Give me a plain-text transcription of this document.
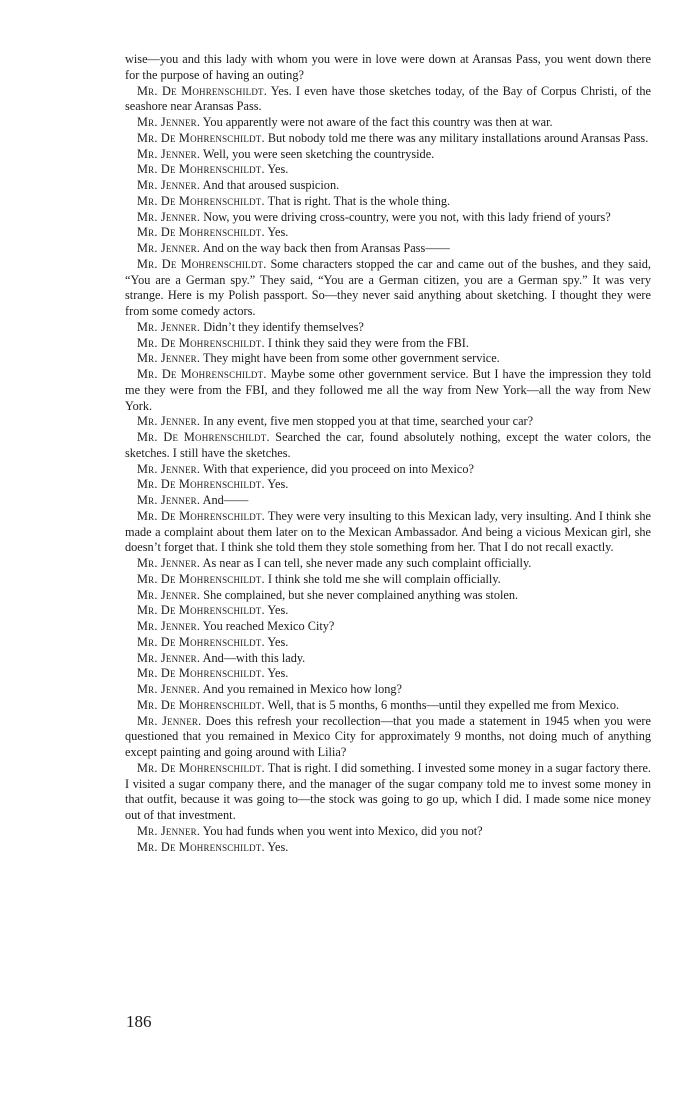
wise—you and this lady with whom you were in love were down at Aransas Pass, you went down there for the purpose of having an outing?

Mr. De Mohrenschildt. Yes. I even have those sketches today, of the Bay of Corpus Christi, of the seashore near Aransas Pass.

Mr. Jenner. You apparently were not aware of the fact this country was then at war.

Mr. De Mohrenschildt. But nobody told me there was any military installations around Aransas Pass.

Mr. Jenner. Well, you were seen sketching the countryside.

Mr. De Mohrenschildt. Yes.

Mr. Jenner. And that aroused suspicion.

Mr. De Mohrenschildt. That is right. That is the whole thing.

Mr. Jenner. Now, you were driving cross-country, were you not, with this lady friend of yours?

Mr. De Mohrenschildt. Yes.

Mr. Jenner. And on the way back then from Aransas Pass——

Mr. De Mohrenschildt. Some characters stopped the car and came out of the bushes, and they said, “You are a German spy.” They said, “You are a German citizen, you are a German spy.” It was very strange. Here is my Polish passport. So—they never said anything about sketching. I thought they were from some comedy actors.

Mr. Jenner. Didn’t they identify themselves?

Mr. De Mohrenschildt. I think they said they were from the FBI.

Mr. Jenner. They might have been from some other government service.

Mr. De Mohrenschildt. Maybe some other government service. But I have the impression they told me they were from the FBI, and they followed me all the way from New York—all the way from New York.

Mr. Jenner. In any event, five men stopped you at that time, searched your car?

Mr. De Mohrenschildt. Searched the car, found absolutely nothing, except the water colors, the sketches. I still have the sketches.

Mr. Jenner. With that experience, did you proceed on into Mexico?

Mr. De Mohrenschildt. Yes.

Mr. Jenner. And——

Mr. De Mohrenschildt. They were very insulting to this Mexican lady, very insulting. And I think she made a complaint about them later on to the Mexican Ambassador. And being a vicious Mexican girl, she doesn’t forget that. I think she told them they stole something from her. That I do not recall exactly.

Mr. Jenner. As near as I can tell, she never made any such complaint officially.

Mr. De Mohrenschildt. I think she told me she will complain officially.

Mr. Jenner. She complained, but she never complained anything was stolen.

Mr. De Mohrenschildt. Yes.

Mr. Jenner. You reached Mexico City?

Mr. De Mohrenschildt. Yes.

Mr. Jenner. And—with this lady.

Mr. De Mohrenschildt. Yes.

Mr. Jenner. And you remained in Mexico how long?

Mr. De Mohrenschildt. Well, that is 5 months, 6 months—until they expelled me from Mexico.

Mr. Jenner. Does this refresh your recollection—that you made a statement in 1945 when you were questioned that you remained in Mexico City for approximately 9 months, not doing much of anything except painting and going around with Lilia?

Mr. De Mohrenschildt. That is right. I did something. I invested some money in a sugar factory there. I visited a sugar company there, and the manager of the sugar company told me to invest some money in that outfit, because it was going to—the stock was going to go up, which I did. I made some nice money out of that investment.

Mr. Jenner. You had funds when you went into Mexico, did you not?

Mr. De Mohrenschildt. Yes.

186
